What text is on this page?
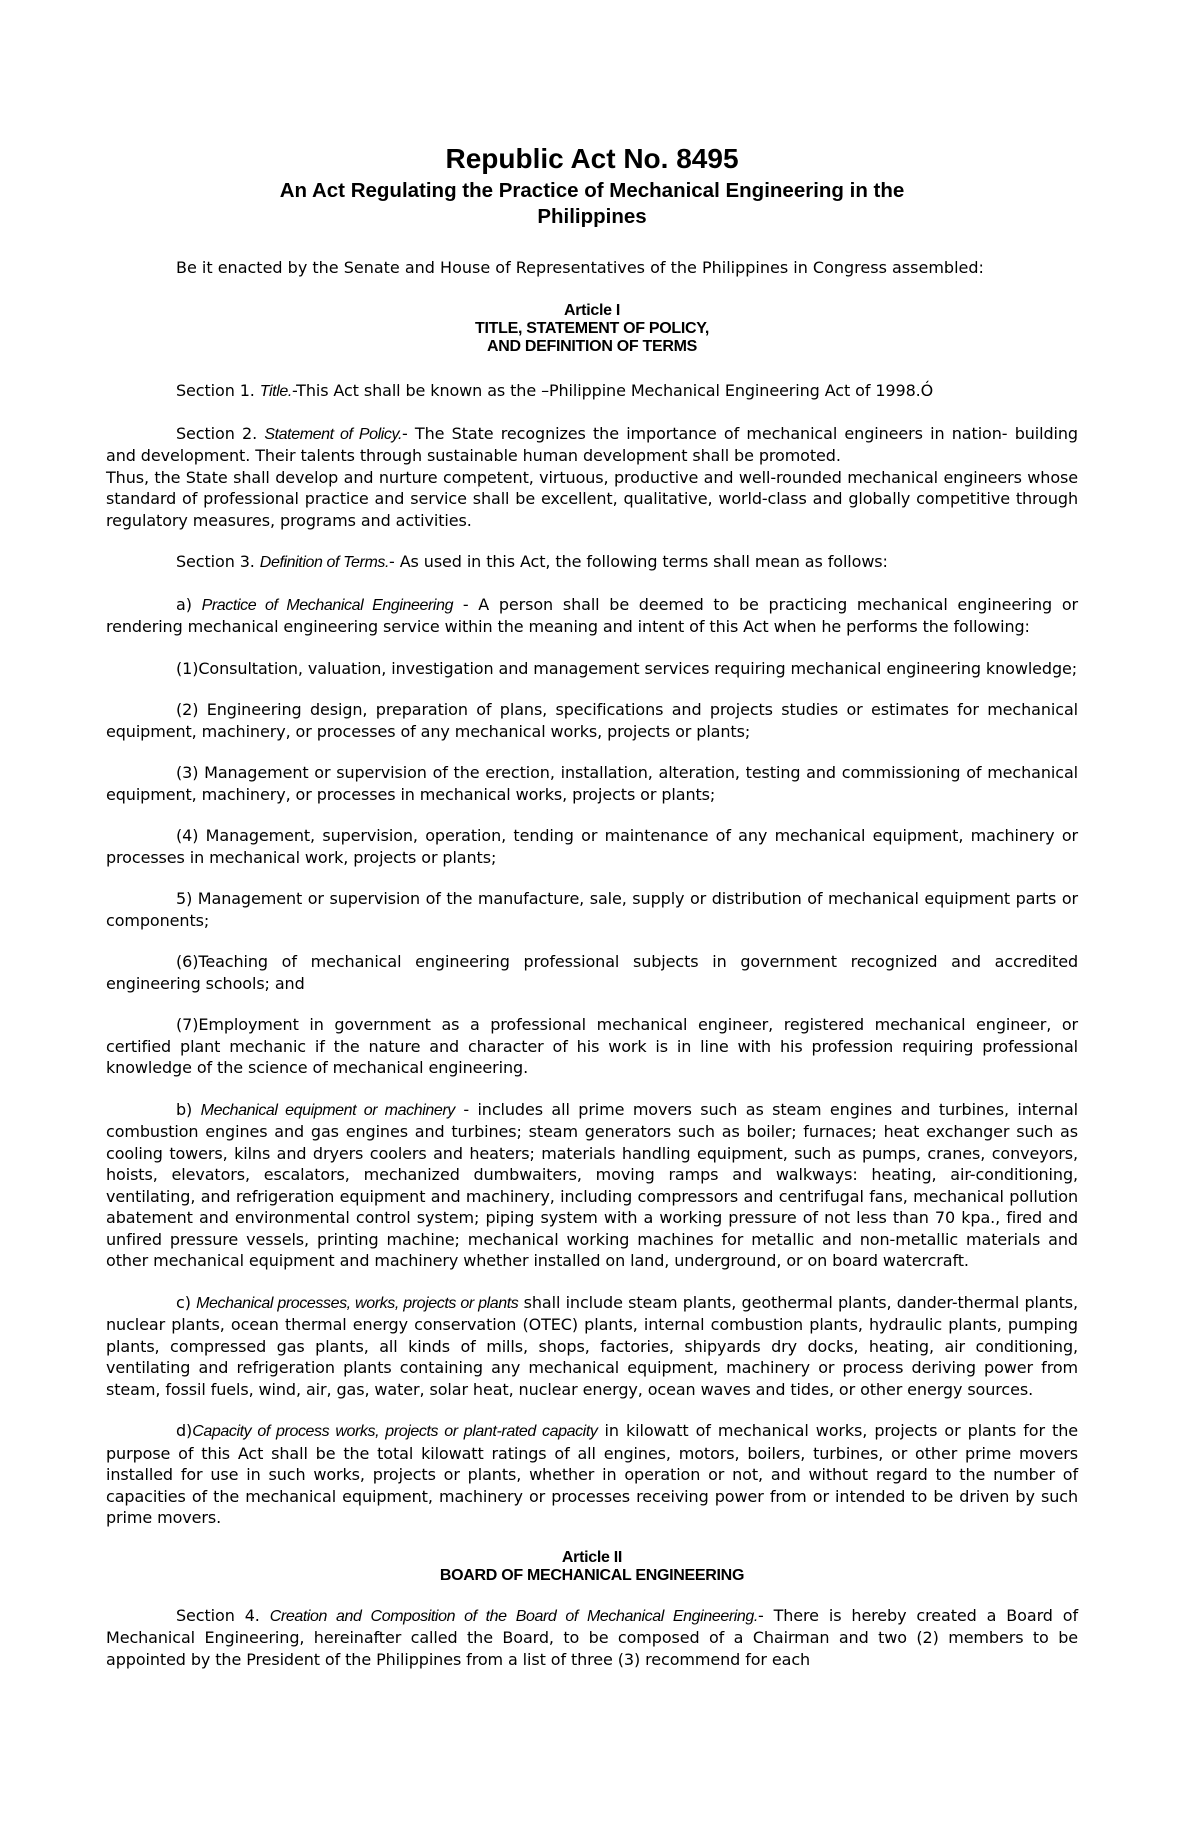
Republic Act No. 8495
An Act Regulating the Practice of Mechanical Engineering in the Philippines

Be it enacted by the Senate and House of Representatives of the Philippines in Congress assembled:

Article I

TITLE, STATEMENT OF POLICY,

AND DEFINITION OF TERMS

Section 1. Title.-This Act shall be known as the –Philippine Mechanical Engineering Act of 1998.Ó

Section 2. Statement of Policy.- The State recognizes the importance of mechanical engineers in nation- building and development. Their talents through sustainable human development shall be promoted.

Thus, the State shall develop and nurture competent, virtuous, productive and well-rounded mechanical engineers whose standard of professional practice and service shall be excellent, qualitative, world-class and globally competitive through regulatory measures, programs and activities.

Section 3. Definition of Terms.- As used in this Act, the following terms shall mean as follows:

a) Practice of Mechanical Engineering - A person shall be deemed to be practicing mechanical engineering or rendering mechanical engineering service within the meaning and intent of this Act when he performs the following:

(1)Consultation, valuation, investigation and management services requiring mechanical engineering knowledge;

(2) Engineering design, preparation of plans, specifications and projects studies or estimates for mechanical equipment, machinery, or processes of any mechanical works, projects or plants;

(3) Management or supervision of the erection, installation, alteration, testing and commissioning of mechanical equipment, machinery, or processes in mechanical works, projects or plants;

(4) Management, supervision, operation, tending or maintenance of any mechanical equipment, machinery or processes in mechanical work, projects or plants;

5) Management or supervision of the manufacture, sale, supply or distribution of mechanical equipment parts or components;

(6)Teaching of mechanical engineering professional subjects in government recognized and accredited engineering schools; and

(7)Employment in government as a professional mechanical engineer, registered mechanical engineer, or certified plant mechanic if the nature and character of his work is in line with his profession requiring professional knowledge of the science of mechanical engineering.

b) Mechanical equipment or machinery - includes all prime movers such as steam engines and turbines, internal combustion engines and gas engines and turbines; steam generators such as boiler; furnaces; heat exchanger such as cooling towers, kilns and dryers coolers and heaters; materials handling equipment, such as pumps, cranes, conveyors, hoists, elevators, escalators, mechanized dumbwaiters, moving ramps and walkways: heating, air-conditioning, ventilating, and refrigeration equipment and machinery, including compressors and centrifugal fans, mechanical pollution abatement and environmental control system; piping system with a working pressure of not less than 70 kpa., fired and unfired pressure vessels, printing machine; mechanical working machines for metallic and non-metallic materials and other mechanical equipment and machinery whether installed on land, underground, or on board watercraft.

c) Mechanical processes, works, projects or plants shall include steam plants, geothermal plants, dander-thermal plants, nuclear plants, ocean thermal energy conservation (OTEC) plants, internal combustion plants, hydraulic plants, pumping plants, compressed gas plants, all kinds of mills, shops, factories, shipyards dry docks, heating, air conditioning, ventilating and refrigeration plants containing any mechanical equipment, machinery or process deriving power from steam, fossil fuels, wind, air, gas, water, solar heat, nuclear energy, ocean waves and tides, or other energy sources.

d)Capacity of process works, projects or plant-rated capacity in kilowatt of mechanical works, projects or plants for the purpose of this Act shall be the total kilowatt ratings of all engines, motors, boilers, turbines, or other prime movers installed for use in such works, projects or plants, whether in operation or not, and without regard to the number of capacities of the mechanical equipment, machinery or processes receiving power from or intended to be driven by such prime movers.

Article II

BOARD OF MECHANICAL ENGINEERING

Section 4. Creation and Composition of the Board of Mechanical Engineering.- There is hereby created a Board of Mechanical Engineering, hereinafter called the Board, to be composed of a Chairman and two (2) members to be appointed by the President of the Philippines from a list of three (3) recommend for each
